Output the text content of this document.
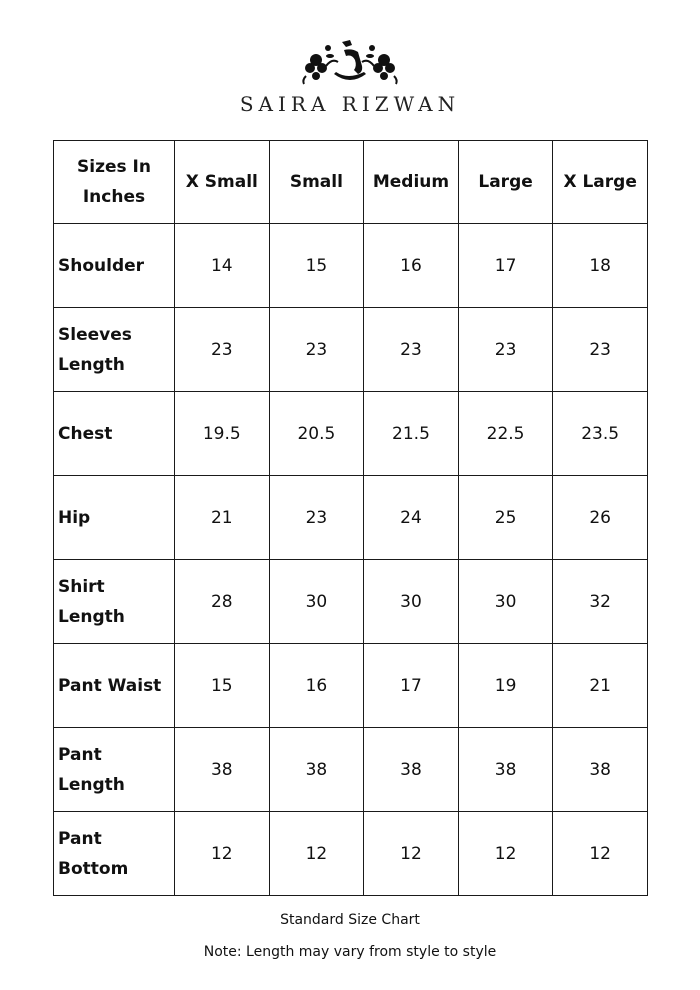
SAIRA RIZWAN
Sizes In Inches	X Small	Small	Medium	Large	X Large
Shoulder	14	15	16	17	18
Sleeves Length	23	23	23	23	23
Chest	19.5	20.5	21.5	22.5	23.5
Hip	21	23	24	25	26
Shirt Length	28	30	30	30	32
Pant Waist	15	16	17	19	21
Pant Length	38	38	38	38	38
Pant Bottom	12	12	12	12	12
Standard Size Chart
Note: Length may vary from style to style
